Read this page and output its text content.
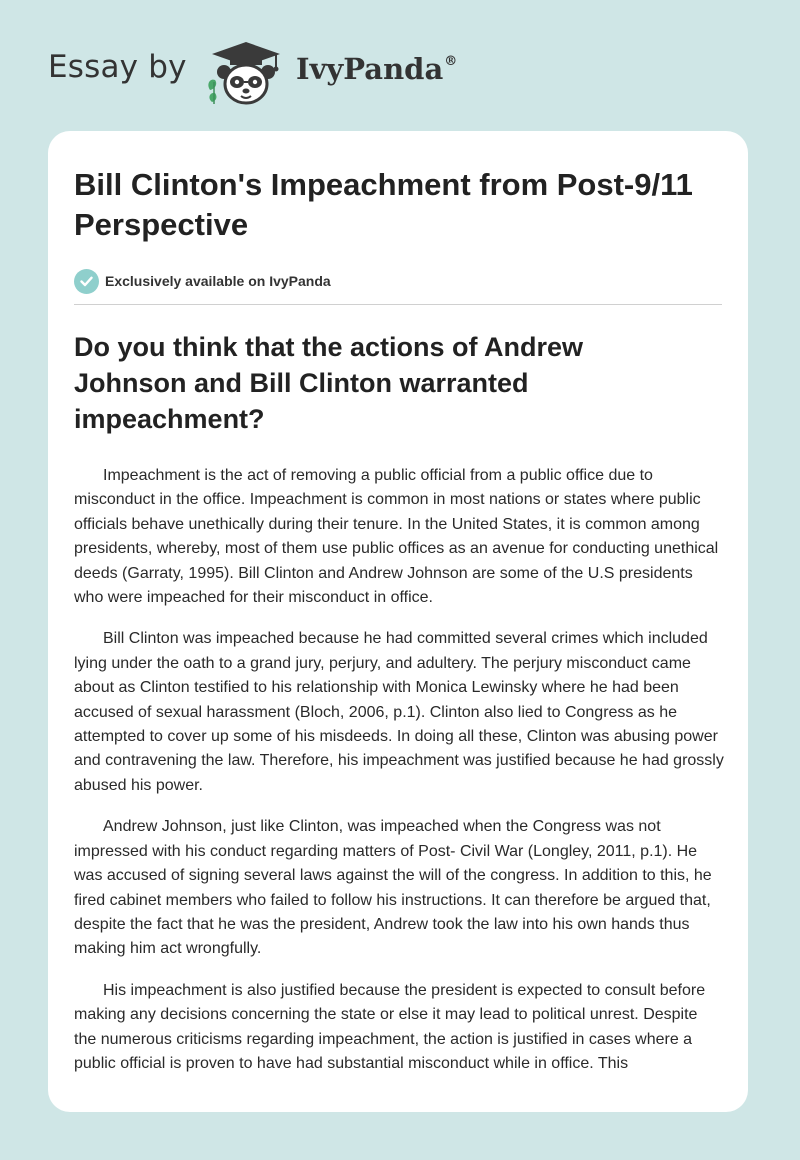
Essay by	IvyPanda®
Bill Clinton's Impeachment from Post-9/11 Perspective
Exclusively available on IvyPanda
Do you think that the actions of Andrew Johnson and Bill Clinton warranted impeachment?

Impeachment is the act of removing a public official from a public office due to misconduct in the office. Impeachment is common in most nations or states where public officials behave unethically during their tenure. In the United States, it is common among presidents, whereby, most of them use public offices as an avenue for conducting unethical deeds (Garraty, 1995). Bill Clinton and Andrew Johnson are some of the U.S presidents who were impeached for their misconduct in office.

Bill Clinton was impeached because he had committed several crimes which included lying under the oath to a grand jury, perjury, and adultery. The perjury misconduct came about as Clinton testified to his relationship with Monica Lewinsky where he had been accused of sexual harassment (Bloch, 2006, p.1). Clinton also lied to Congress as he attempted to cover up some of his misdeeds. In doing all these, Clinton was abusing power and contravening the law. Therefore, his impeachment was justified because he had grossly abused his power.

Andrew Johnson, just like Clinton, was impeached when the Congress was not impressed with his conduct regarding matters of Post- Civil War (Longley, 2011, p.1). He was accused of signing several laws against the will of the congress. In addition to this, he fired cabinet members who failed to follow his instructions. It can therefore be argued that, despite the fact that he was the president, Andrew took the law into his own hands thus making him act wrongfully.

His impeachment is also justified because the president is expected to consult before making any decisions concerning the state or else it may lead to political unrest. Despite the numerous criticisms regarding impeachment, the action is justified in cases where a public official is proven to have had substantial misconduct while in office. This
